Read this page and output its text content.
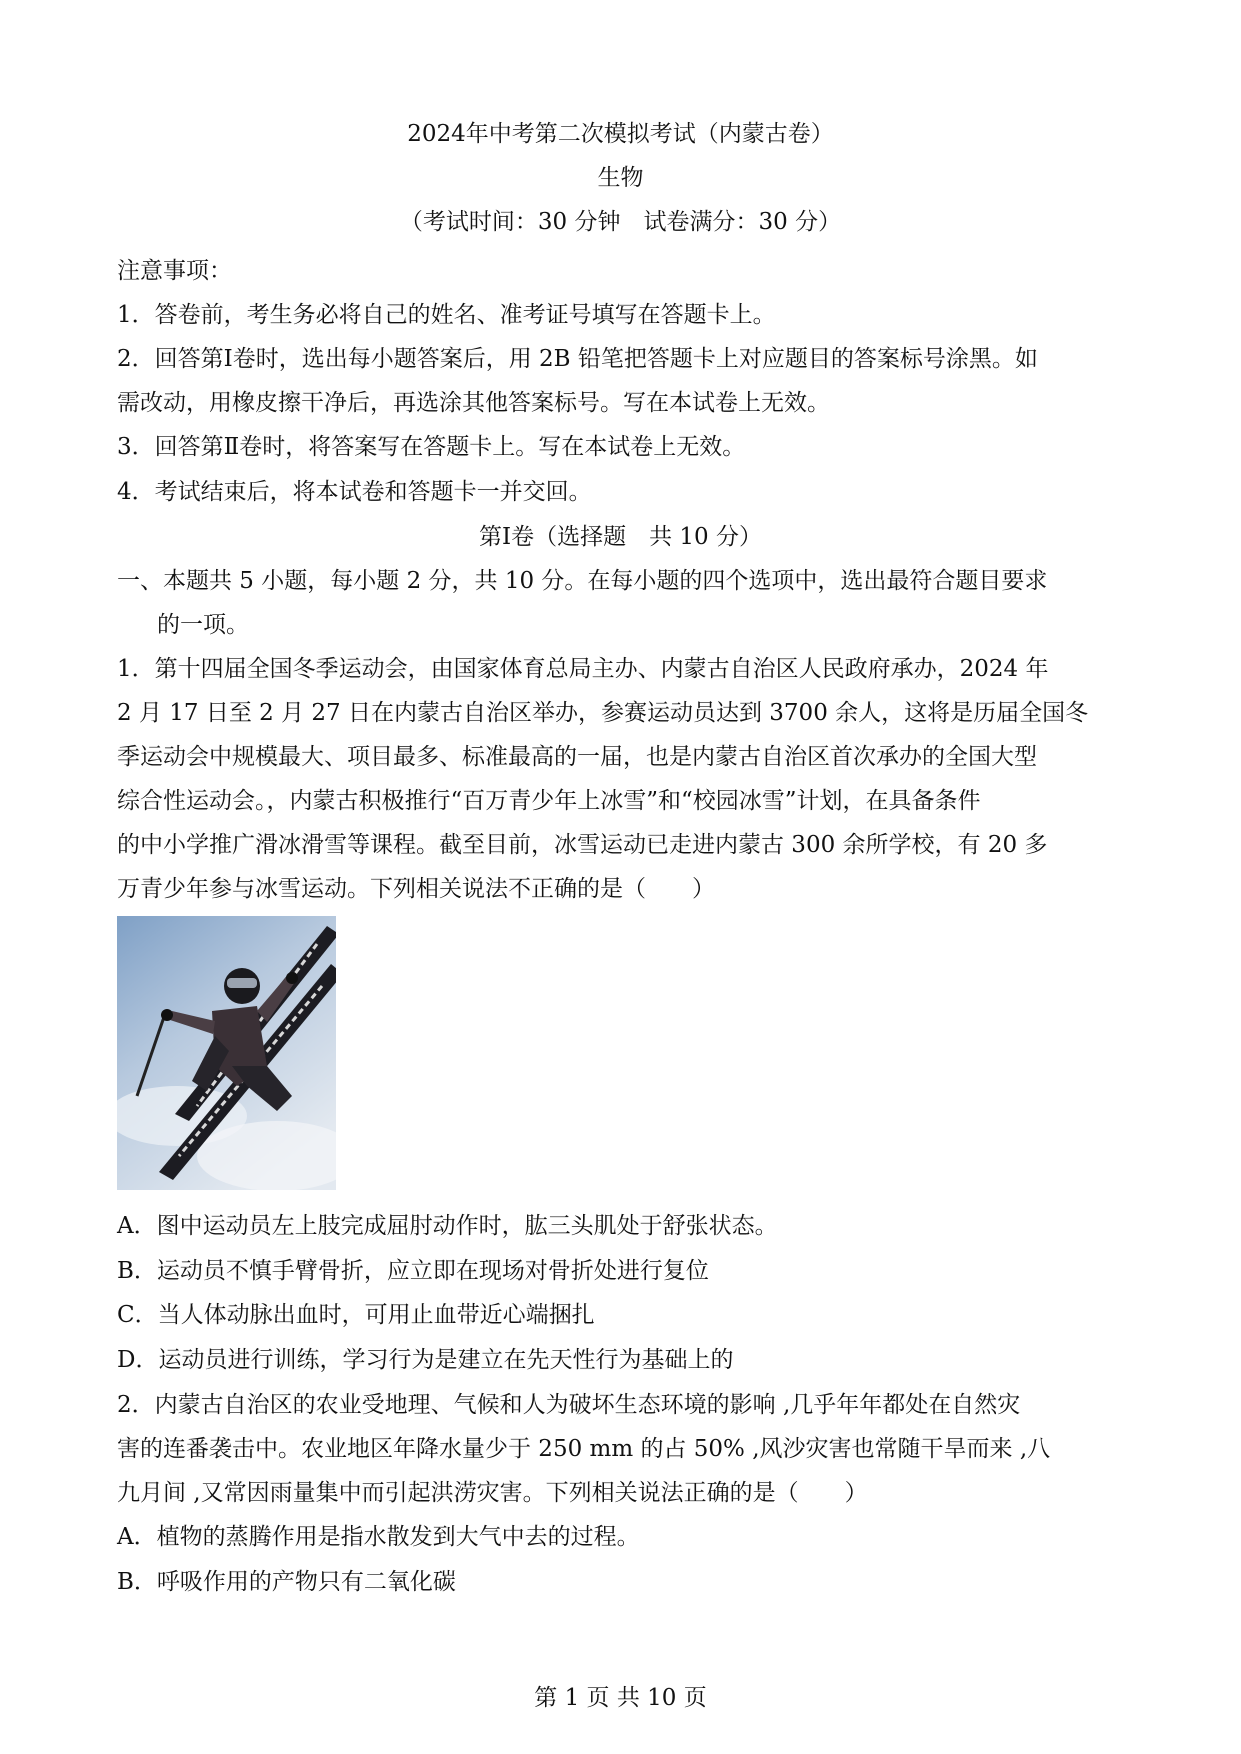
2024年中考第二次模拟考试（内蒙古卷）
生物
（考试时间：30 分钟　试卷满分：30 分）
注意事项：
1．答卷前，考生务必将自己的姓名、准考证号填写在答题卡上。
2．回答第Ⅰ卷时，选出每小题答案后，用 2B 铅笔把答题卡上对应题目的答案标号涂黑。如
需改动，用橡皮擦干净后，再选涂其他答案标号。写在本试卷上无效。
3．回答第Ⅱ卷时，将答案写在答题卡上。写在本试卷上无效。
4．考试结束后，将本试卷和答题卡一并交回。
第Ⅰ卷（选择题　共 10 分）
一、本题共 5 小题，每小题 2 分，共 10 分。在每小题的四个选项中，选出最符合题目要求
的一项。
1．第十四届全国冬季运动会，由国家体育总局主办、内蒙古自治区人民政府承办，2024 年
2 月 17 日至 2 月 27 日在内蒙古自治区举办，参赛运动员达到 3700 余人，这将是历届全国冬
季运动会中规模最大、项目最多、标准最高的一届，也是内蒙古自治区首次承办的全国大型
综合性运动会。，内蒙古积极推行“百万青少年上冰雪”和“校园冰雪”计划，在具备条件
的中小学推广滑冰滑雪等课程。截至目前，冰雪运动已走进内蒙古 300 余所学校，有 20 多
万青少年参与冰雪运动。下列相关说法不正确的是（　　）
A．图中运动员左上肢完成屈肘动作时，肱三头肌处于舒张状态。
B．运动员不慎手臂骨折，应立即在现场对骨折处进行复位
C．当人体动脉出血时，可用止血带近心端捆扎
D．运动员进行训练，学习行为是建立在先天性行为基础上的
2．内蒙古自治区的农业受地理、气候和人为破坏生态环境的影响 ,几乎年年都处在自然灾
害的连番袭击中。农业地区年降水量少于 250 mm 的占 50% ,风沙灾害也常随干旱而来 ,八
九月间 ,又常因雨量集中而引起洪涝灾害。下列相关说法正确的是（　　）
A．植物的蒸腾作用是指水散发到大气中去的过程。
B．呼吸作用的产物只有二氧化碳
第 1 页 共 10 页
